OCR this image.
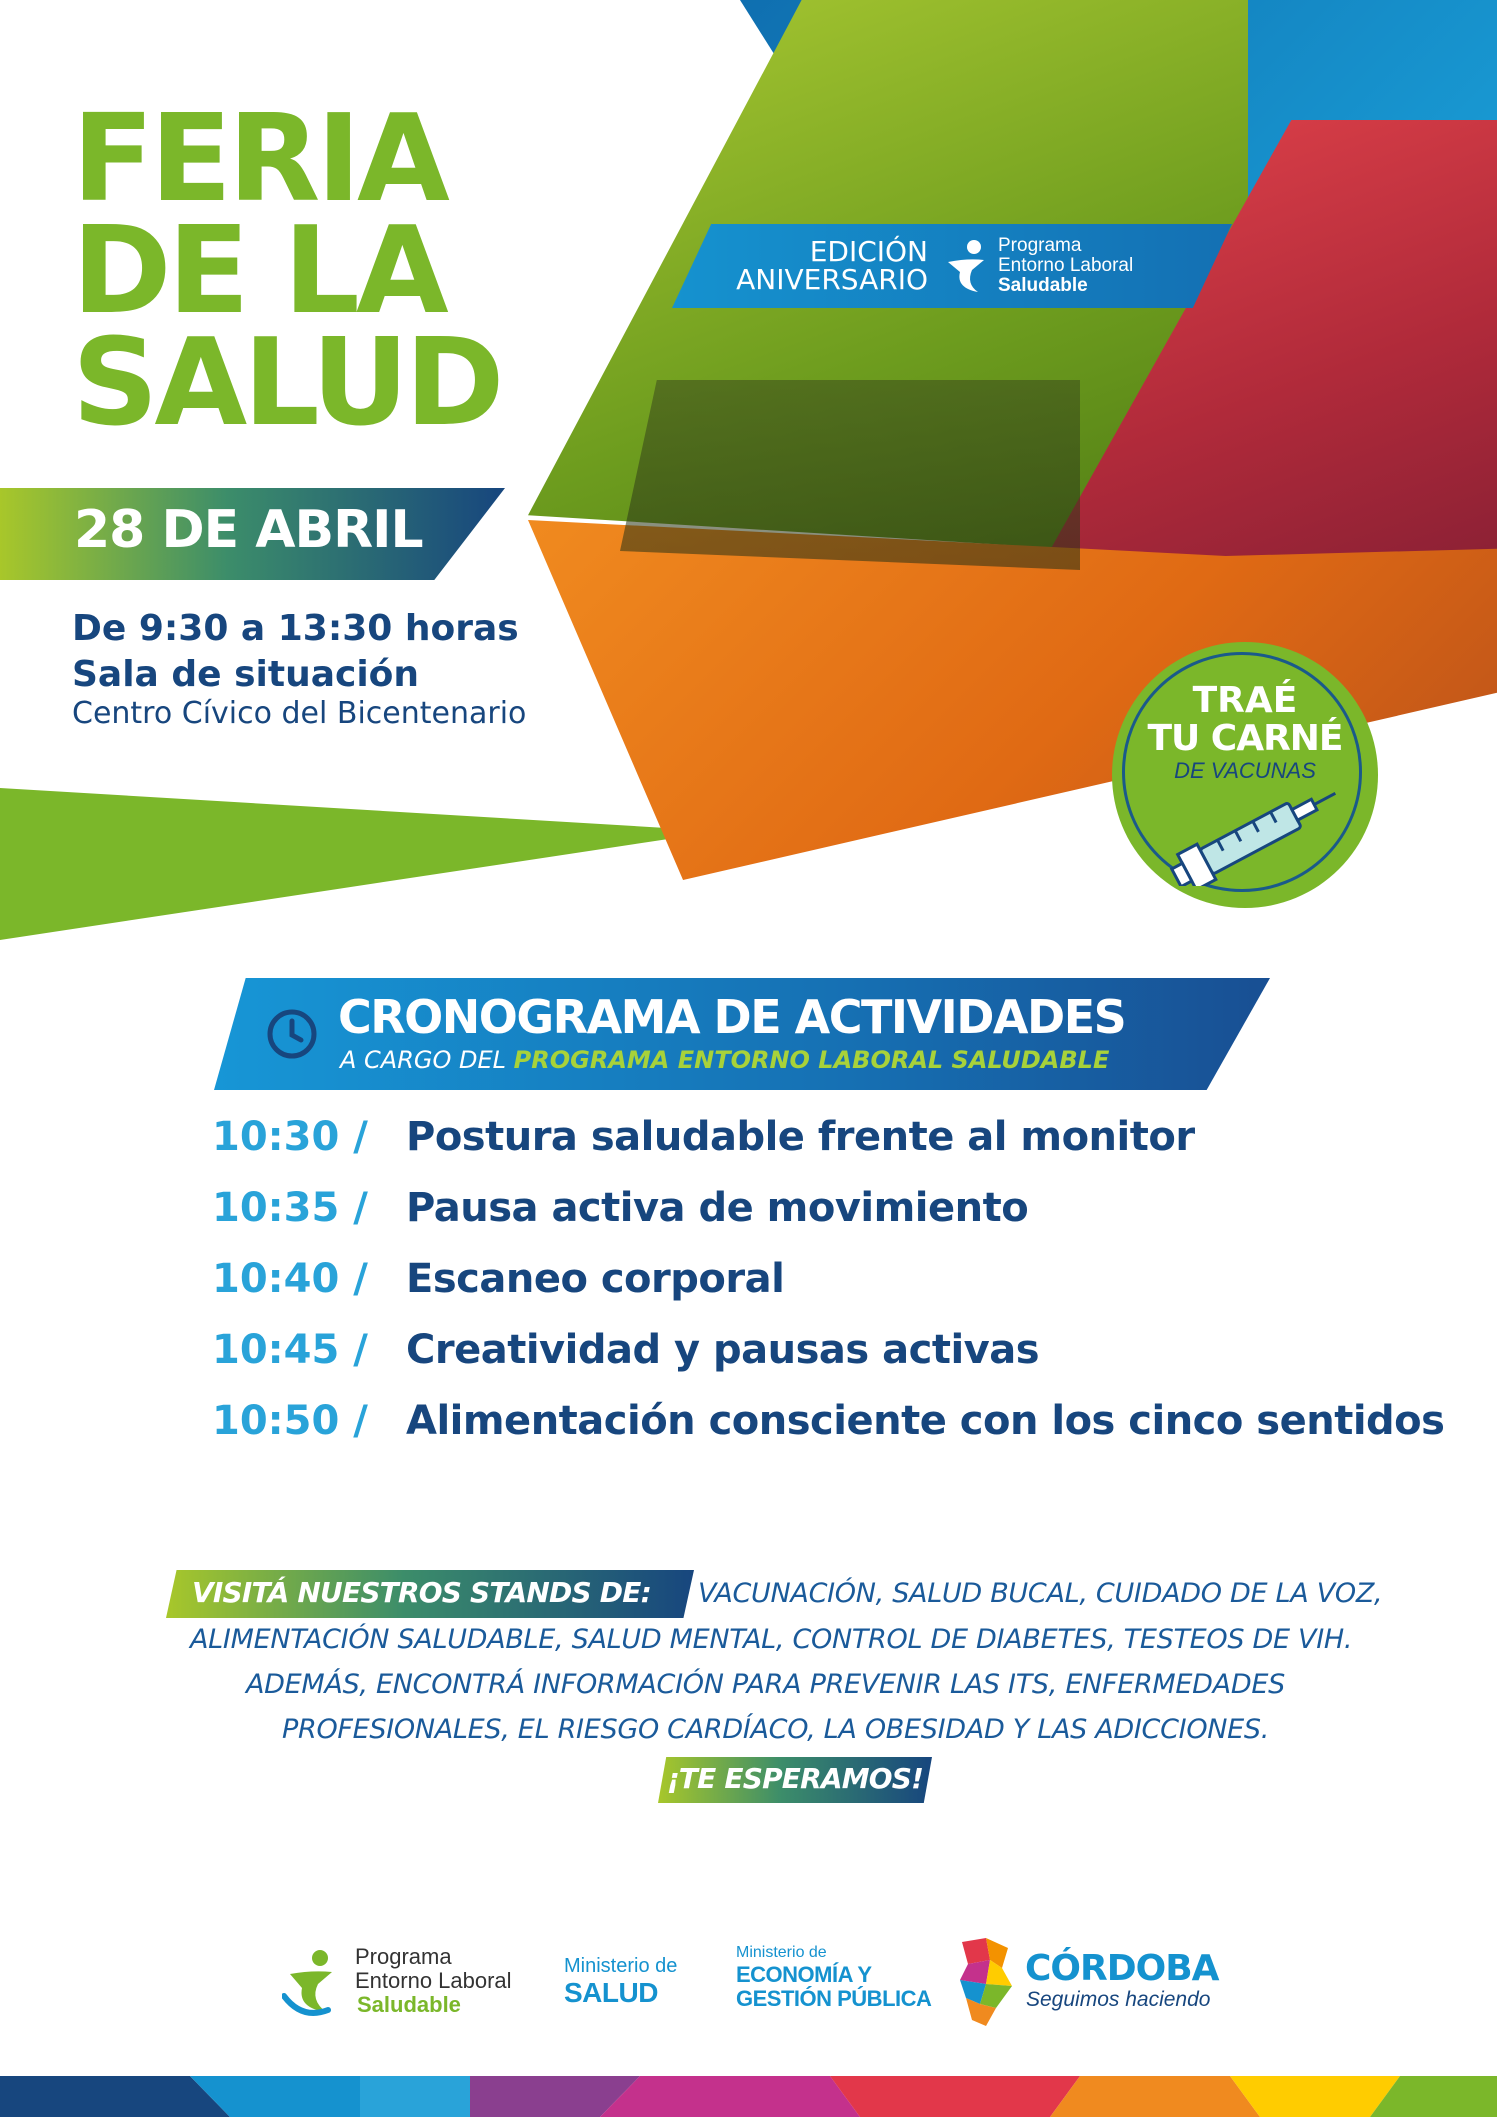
FERIA
DE LA
SALUD
28 DE ABRIL
De 9:30 a 13:30 horas
Sala de situación
Centro Cívico del Bicentenario
EDICIÓN
ANIVERSARIO
Programa
Entorno Laboral
Saludable
TRAÉ
TU CARNÉ
DE VACUNAS
CRONOGRAMA DE ACTIVIDADES
A CARGO DEL PROGRAMA ENTORNO LABORAL SALUDABLE
10:30 / Postura saludable frente al monitor
10:35 / Pausa activa de movimiento
10:40 / Escaneo corporal
10:45 / Creatividad y pausas activas
10:50 / Alimentación consciente con los cinco sentidos
VISITÁ NUESTROS STANDS DE: VACUNACIÓN, SALUD BUCAL, CUIDADO DE LA VOZ,
ALIMENTACIÓN SALUDABLE, SALUD MENTAL, CONTROL DE DIABETES, TESTEOS DE VIH.
ADEMÁS, ENCONTRÁ INFORMACIÓN PARA PREVENIR LAS ITS, ENFERMEDADES
PROFESIONALES, EL RIESGO CARDÍACO, LA OBESIDAD Y LAS ADICCIONES.
¡TE ESPERAMOS!
Programa
Entorno Laboral
Saludable
Ministerio de
SALUD
Ministerio de
ECONOMÍA Y
GESTIÓN PÚBLICA
CÓRDOBA
Seguimos haciendo
